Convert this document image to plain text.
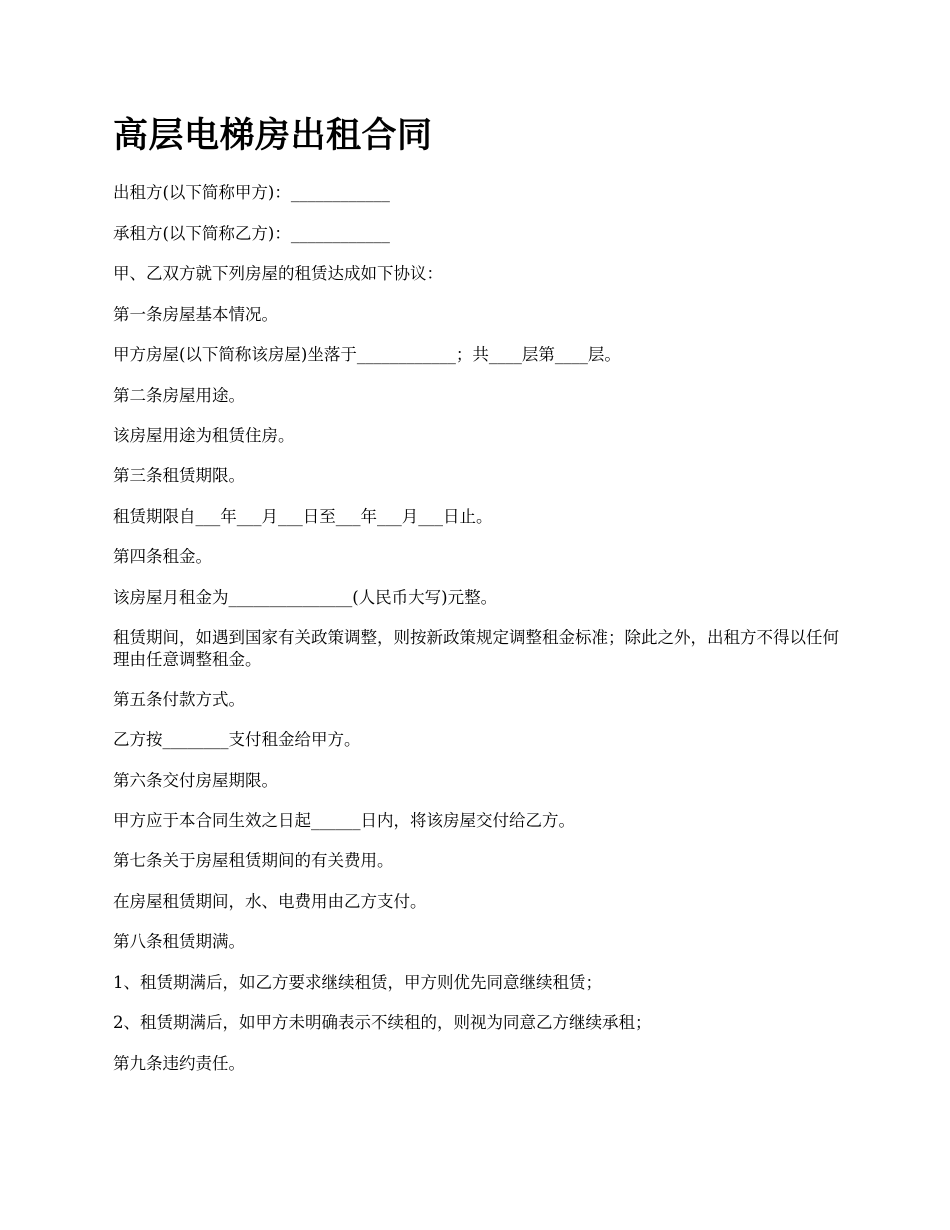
高层电梯房出租合同

出租方(以下简称甲方)：____________

承租方(以下简称乙方)：____________

甲、乙双方就下列房屋的租赁达成如下协议：

第一条房屋基本情况。

甲方房屋(以下简称该房屋)坐落于____________；共____层第____层。

第二条房屋用途。

该房屋用途为租赁住房。

第三条租赁期限。

租赁期限自___年___月___日至___年___月___日止。

第四条租金。

该房屋月租金为_______________(人民币大写)元整。

租赁期间，如遇到国家有关政策调整，则按新政策规定调整租金标准；除此之外，出租方不得以任何理由任意调整租金。

第五条付款方式。

乙方按________支付租金给甲方。

第六条交付房屋期限。

甲方应于本合同生效之日起______日内，将该房屋交付给乙方。

第七条关于房屋租赁期间的有关费用。

在房屋租赁期间，水、电费用由乙方支付。

第八条租赁期满。

1、租赁期满后，如乙方要求继续租赁，甲方则优先同意继续租赁；

2、租赁期满后，如甲方未明确表示不续租的，则视为同意乙方继续承租；

第九条违约责任。
